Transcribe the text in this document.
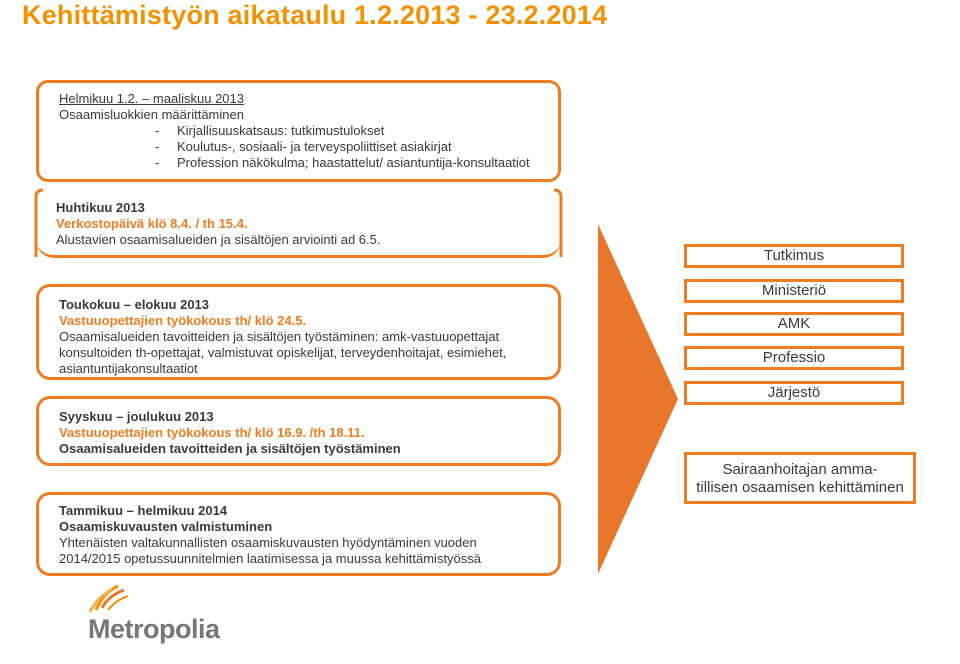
Kehittämistyön aikataulu 1.2.2013 - 23.2.2014
Helmikuu 1.2. – maaliskuu 2013
Osaamisluokkien määrittäminen
- Kirjallisuuskatsaus: tutkimustulokset
- Koulutus-, sosiaali- ja terveyspoliittiset asiakirjat
- Profession näkökulma; haastattelut/ asiantuntija-konsultaatiot
Huhtikuu 2013
Verkostopäivä klö 8.4. / th 15.4.
Alustavien osaamisalueiden ja sisältöjen arviointi ad 6.5.
Toukokuu – elokuu 2013
Vastuuopettajien työkokous th/ klö 24.5.
Osaamisalueiden tavoitteiden ja sisältöjen työstäminen: amk-vastuuopettajat
konsultoiden th-opettajat, valmistuvat opiskelijat, terveydenhoitajat, esimiehet,
asiantuntijakonsultaatiot
Syyskuu – joulukuu 2013
Vastuuopettajien työkokous th/ klö 16.9. /th 18.11.
Osaamisalueiden tavoitteiden ja sisältöjen työstäminen
Tammikuu – helmikuu 2014
Osaamiskuvausten valmistuminen
Yhtenäisten valtakunnallisten osaamiskuvausten hyödyntäminen vuoden
2014/2015 opetussuunnitelmien laatimisessa ja muussa kehittämistyössä
Tutkimus
Ministeriö
AMK
Professio
Järjestö
Sairaanhoitajan amma-
tillisen osaamisen kehittäminen
Metropolia
